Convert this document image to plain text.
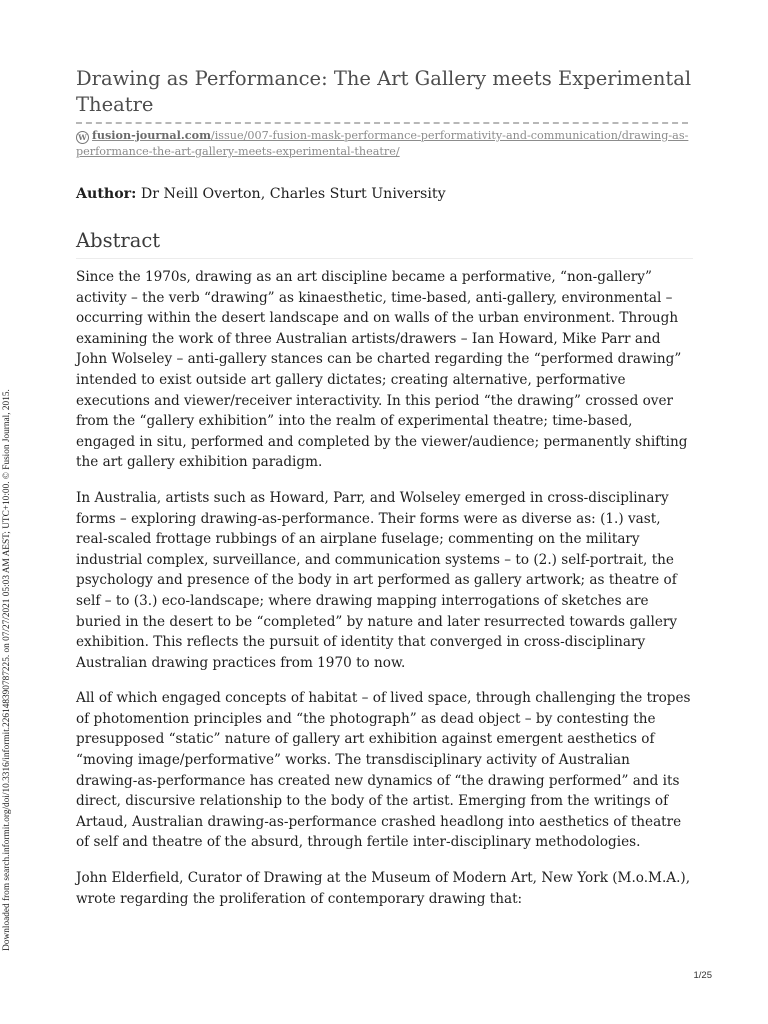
Downloaded from search.informit.org/doi/10.3316/informit.226148390787225. on 07/27/2021 05:03 AM AEST; UTC+10:00. © Fusion Journal, 2015.
Drawing as Performance: The Art Gallery meets Experimental Theatre
W fusion-journal.com/issue/007-fusion-mask-performance-performativity-and-communication/drawing-as-performance-the-art-gallery-meets-experimental-theatre/
Author: Dr Neill Overton, Charles Sturt University
Abstract

Since the 1970s, drawing as an art discipline became a performative, “non-gallery” activity – the verb “drawing” as kinaesthetic, time-based, anti-gallery, environmental – occurring within the desert landscape and on walls of the urban environment. Through examining the work of three Australian artists/drawers – Ian Howard, Mike Parr and John Wolseley – anti-gallery stances can be charted regarding the “performed drawing” intended to exist outside art gallery dictates; creating alternative, performative executions and viewer/receiver interactivity. In this period “the drawing” crossed over from the “gallery exhibition” into the realm of experimental theatre; time-based, engaged in situ, performed and completed by the viewer/audience; permanently shifting the art gallery exhibition paradigm.

In Australia, artists such as Howard, Parr, and Wolseley emerged in cross-disciplinary forms – exploring drawing-as-performance. Their forms were as diverse as: (1.) vast, real-scaled frottage rubbings of an airplane fuselage; commenting on the military industrial complex, surveillance, and communication systems – to (2.) self-portrait, the psychology and presence of the body in art performed as gallery artwork; as theatre of self – to (3.) eco-landscape; where drawing mapping interrogations of sketches are buried in the desert to be “completed” by nature and later resurrected towards gallery exhibition. This reflects the pursuit of identity that converged in cross-disciplinary Australian drawing practices from 1970 to now.

All of which engaged concepts of habitat – of lived space, through challenging the tropes of photomention principles and “the photograph” as dead object – by contesting the presupposed “static” nature of gallery art exhibition against emergent aesthetics of “moving image/performative” works. The transdisciplinary activity of Australian drawing-as-performance has created new dynamics of “the drawing performed” and its direct, discursive relationship to the body of the artist. Emerging from the writings of Artaud, Australian drawing-as-performance crashed headlong into aesthetics of theatre of self and theatre of the absurd, through fertile inter-disciplinary methodologies.

John Elderfield, Curator of Drawing at the Museum of Modern Art, New York (M.o.M.A.), wrote regarding the proliferation of contemporary drawing that:

1/25
